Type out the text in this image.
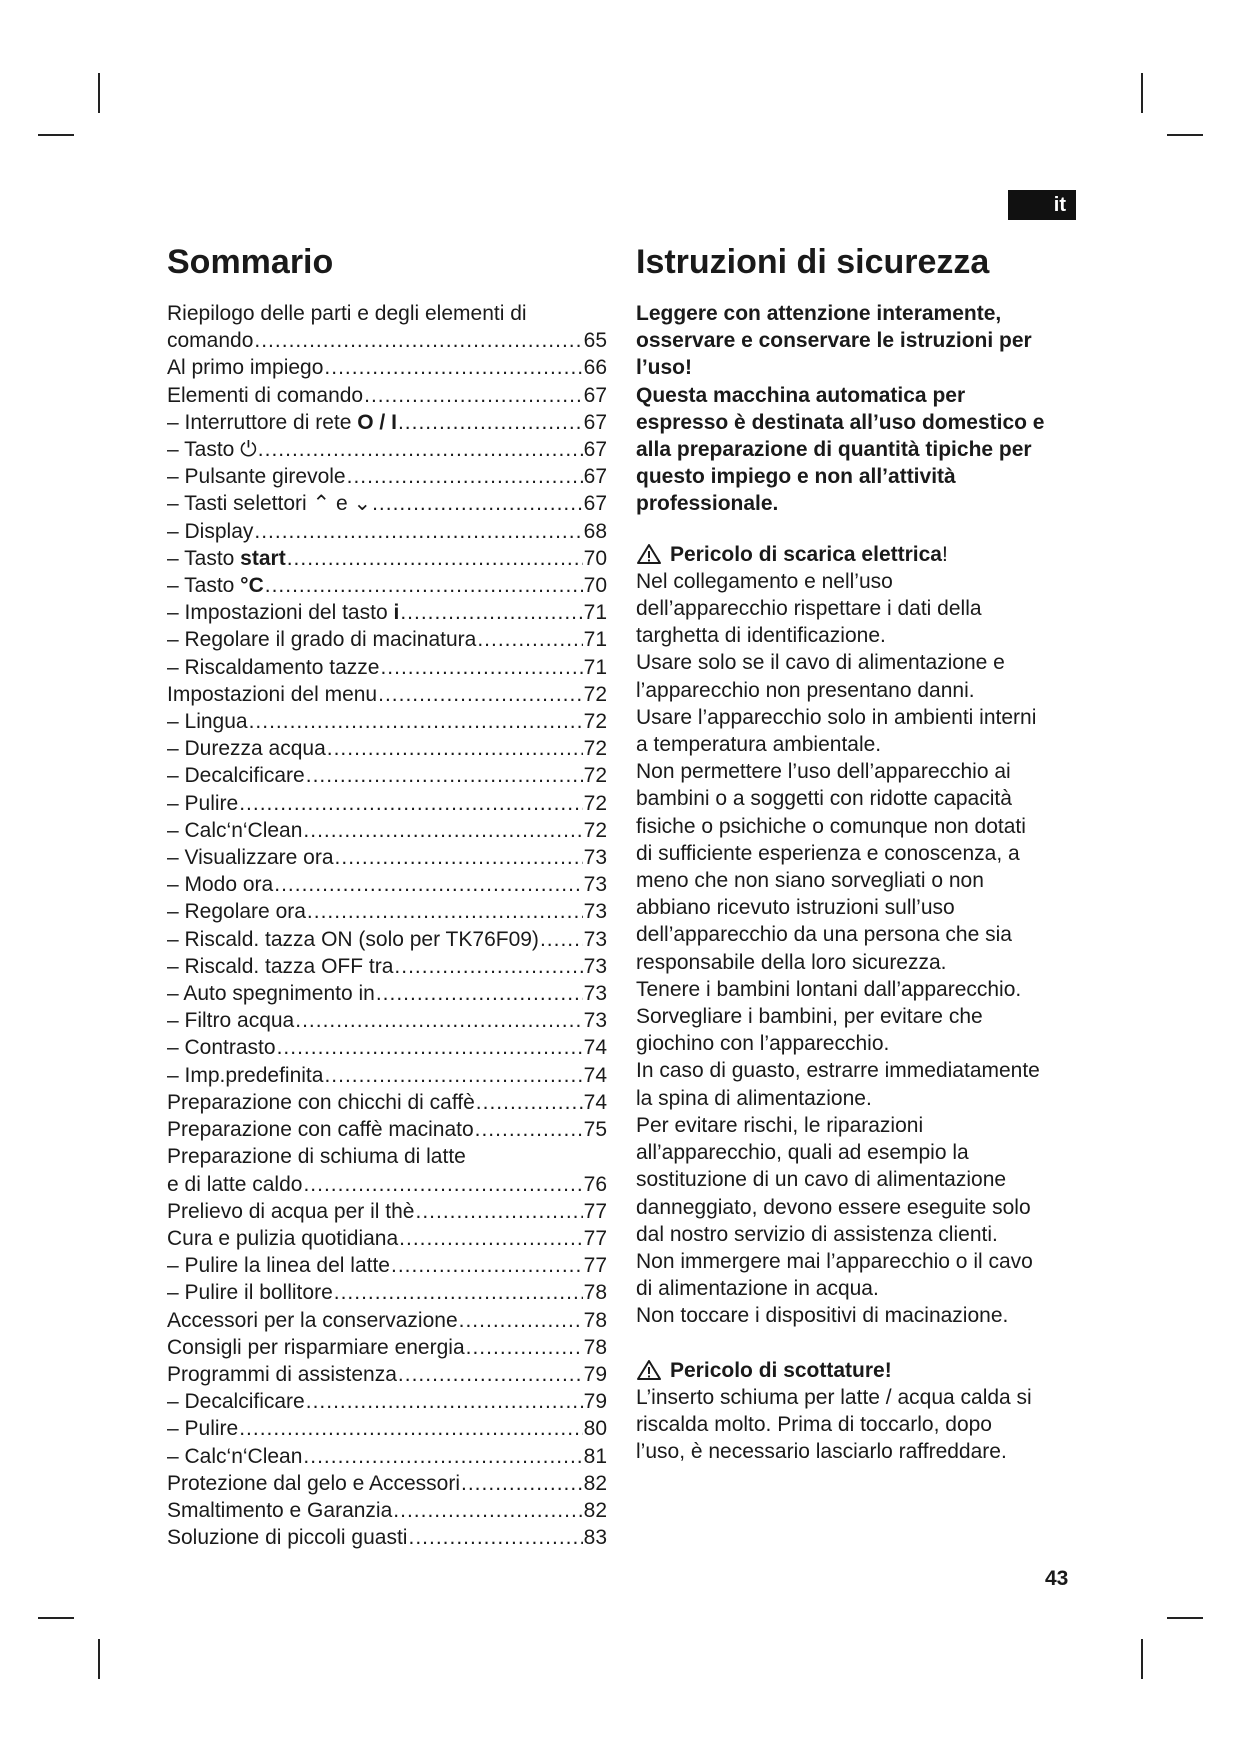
it
Sommario
Riepilogo delle parti e degli elementi di
comando .....	65
Al primo impiego .....	66
Elementi di comando .....	67
– Interruttore di rete O / I .....	67
– Tasto ⏻ .....	67
– Pulsante girevole .....	67
– Tasti selettori ⌃ e ⌄ .....	67
– Display .....	68
– Tasto start .....	70
– Tasto °C .....	70
– Impostazioni del tasto i .....	71
– Regolare il grado di macinatura .....	71
– Riscaldamento tazze .....	71
Impostazioni del menu .....	72
– Lingua .....	72
– Durezza acqua .....	72
– Decalcificare .....	72
– Pulire .....	72
– Calc‘n‘Clean .....	72
– Visualizzare ora .....	73
– Modo ora .....	73
– Regolare ora .....	73
– Riscald. tazza ON (solo per TK76F09) ..... 73
– Riscald. tazza OFF tra .....	73
– Auto spegnimento in .....	73
– Filtro acqua .....	73
– Contrasto .....	74
– Imp.predefinita .....	74
Preparazione con chicchi di caffè .....	74
Preparazione con caffè macinato .....	75
Preparazione di schiuma di latte
e di latte caldo .....	76
Prelievo di acqua per il thè .....	77
Cura e pulizia quotidiana .....	77
– Pulire la linea del latte .....	77
– Pulire il bollitore .....	78
Accessori per la conservazione .....	78
Consigli per risparmiare energia .....	78
Programmi di assistenza .....	79
– Decalcificare .....	79
– Pulire .....	80
– Calc‘n‘Clean .....	81
Protezione dal gelo e Accessori .....	82
Smaltimento e Garanzia .....	82
Soluzione di piccoli guasti .....	83
Istruzioni di sicurezza
Leggere con attenzione interamente,
osservare e conservare le istruzioni per
l’uso!
Questa macchina automatica per
espresso è destinata all’uso domestico e
alla preparazione di quantità tipiche per
questo impiego e non all’attività
professionale.
Pericolo di scarica elettrica !
Nel collegamento e nell’uso
dell’apparecchio rispettare i dati della
targhetta di identificazione.
Usare solo se il cavo di alimentazione e
l’apparecchio non presentano danni.
Usare l’apparecchio solo in ambienti interni
a temperatura ambientale.
Non permettere l’uso dell’apparecchio ai
bambini o a soggetti con ridotte capacità
fisiche o psichiche o comunque non dotati
di sufficiente esperienza e conoscenza, a
meno che non siano sorvegliati o non
abbiano ricevuto istruzioni sull’uso
dell’apparecchio da una persona che sia
responsabile della loro sicurezza.
Tenere i bambini lontani dall’apparecchio.
Sorvegliare i bambini, per evitare che
giochino con l’apparecchio.
In caso di guasto, estrarre immediatamente
la spina di alimentazione.
Per evitare rischi, le riparazioni
all’apparecchio, quali ad esempio la
sostituzione di un cavo di alimentazione
danneggiato, devono essere eseguite solo
dal nostro servizio di assistenza clienti.
Non immergere mai l’apparecchio o il cavo
di alimentazione in acqua.
Non toccare i dispositivi di macinazione.
Pericolo di scottature!
L’inserto schiuma per latte / acqua calda si
riscalda molto. Prima di toccarlo, dopo
l’uso, è necessario lasciarlo raffreddare.
43
